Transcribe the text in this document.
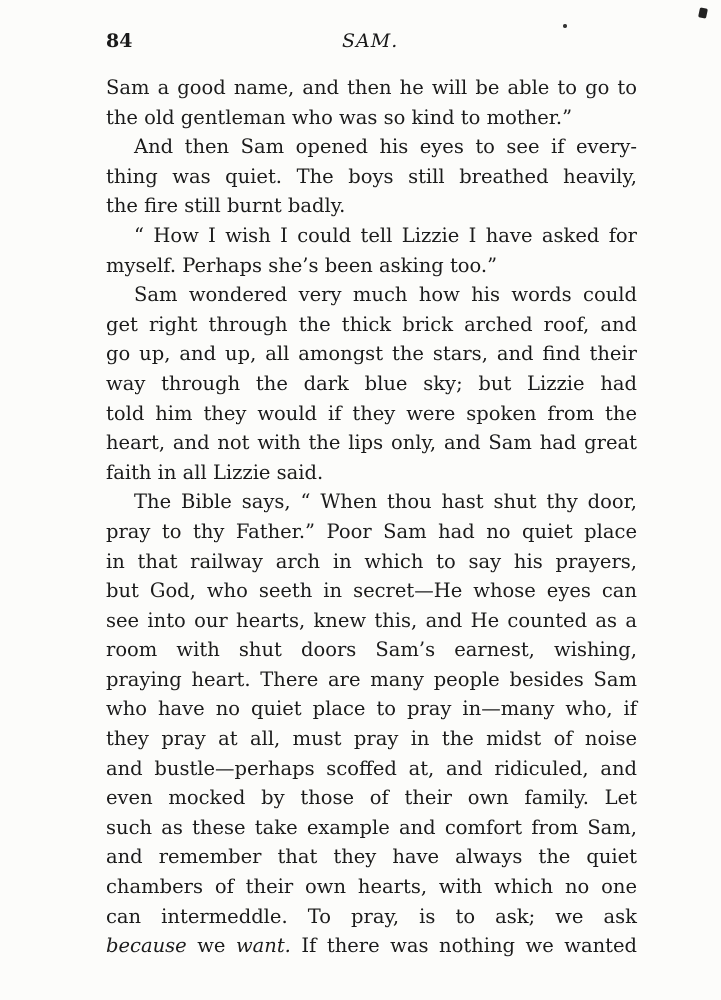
84	SAM.
Sam a good name, and then he will be able to go to
the old gentleman who was so kind to mother.”
And then Sam opened his eyes to see if every-
thing was quiet. The boys still breathed heavily,
the fire still burnt badly.
“ How I wish I could tell Lizzie I have asked for
myself. Perhaps she’s been asking too.”
Sam wondered very much how his words could
get right through the thick brick arched roof, and
go up, and up, all amongst the stars, and find their
way through the dark blue sky; but Lizzie had
told him they would if they were spoken from the
heart, and not with the lips only, and Sam had great
faith in all Lizzie said.
The Bible says, “ When thou hast shut thy door,
pray to thy Father.” Poor Sam had no quiet place
in that railway arch in which to say his prayers,
but God, who seeth in secret—He whose eyes can
see into our hearts, knew this, and He counted as a
room with shut doors Sam’s earnest, wishing,
praying heart. There are many people besides Sam
who have no quiet place to pray in—many who, if
they pray at all, must pray in the midst of noise
and bustle—perhaps scoffed at, and ridiculed, and
even mocked by those of their own family. Let
such as these take example and comfort from Sam,
and remember that they have always the quiet
chambers of their own hearts, with which no one
can intermeddle. To pray, is to ask; we ask
because we want. If there was nothing we wanted
